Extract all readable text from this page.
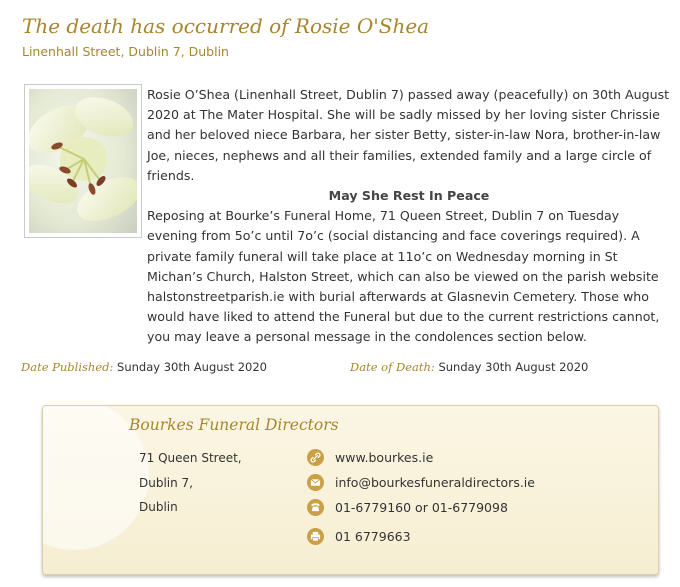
The death has occurred of Rosie O'Shea
Linenhall Street, Dublin 7, Dublin

Rosie O’Shea (Linenhall Street, Dublin 7) passed away (peacefully) on 30th August 2020 at The Mater Hospital. She will be sadly missed by her loving sister Chrissie and her beloved niece Barbara, her sister Betty, sister-in-law Nora, brother-in-law Joe, nieces, nephews and all their families, extended family and a large circle of friends.

May She Rest In Peace

Reposing at Bourke’s Funeral Home, 71 Queen Street, Dublin 7 on Tuesday evening from 5o’c until 7o’c (social distancing and face coverings required). A private family funeral will take place at 11o’c on Wednesday morning in St Michan’s Church, Halston Street, which can also be viewed on the parish website halstonstreetparish.ie with burial afterwards at Glasnevin Cemetery. Those who would have liked to attend the Funeral but due to the current restrictions cannot, you may leave a personal message in the condolences section below.

Date Published: Sunday 30th August 2020	Date of Death: Sunday 30th August 2020
Bourkes Funeral Directors
71 Queen Street,
Dublin 7,
Dublin
www.bourkes.ie
info@bourkesfuneraldirectors.ie
01-6779160 or 01-6779098
01 6779663
